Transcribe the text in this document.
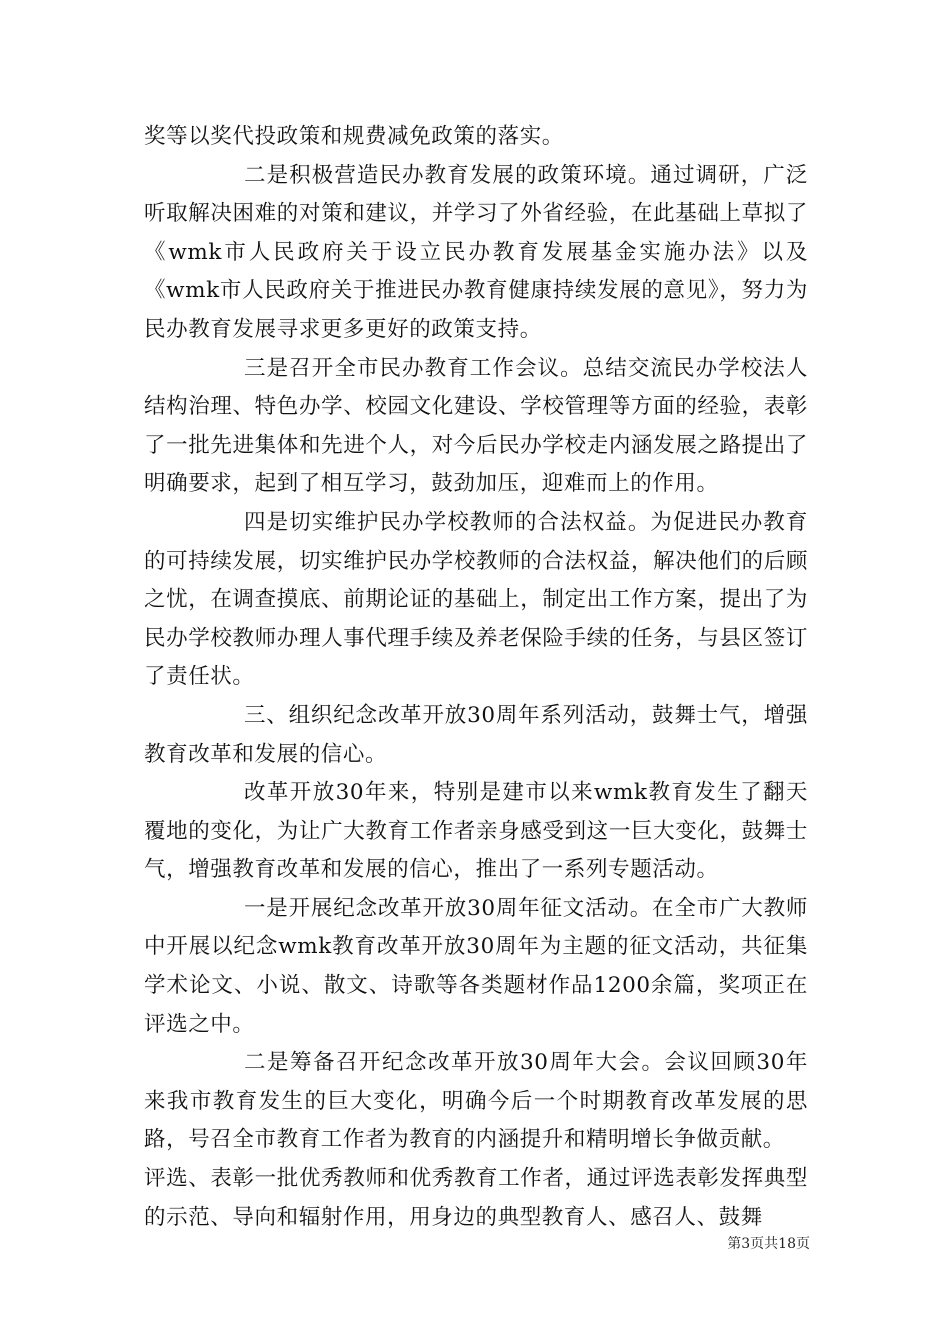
奖等以奖代投政策和规费减免政策的落实。

二是积极营造民办教育发展的政策环境。通过调研，广泛听取解决困难的对策和建议，并学习了外省经验，在此基础上草拟了《wmk市人民政府关于设立民办教育发展基金实施办法》以及《wmk市人民政府关于推进民办教育健康持续发展的意见》，努力为民办教育发展寻求更多更好的政策支持。

三是召开全市民办教育工作会议。总结交流民办学校法人结构治理、特色办学、校园文化建设、学校管理等方面的经验，表彰了一批先进集体和先进个人，对今后民办学校走内涵发展之路提出了明确要求，起到了相互学习，鼓劲加压，迎难而上的作用。

四是切实维护民办学校教师的合法权益。为促进民办教育的可持续发展，切实维护民办学校教师的合法权益，解决他们的后顾之忧，在调查摸底、前期论证的基础上，制定出工作方案，提出了为民办学校教师办理人事代理手续及养老保险手续的任务，与县区签订了责任状。

三、组织纪念改革开放30周年系列活动，鼓舞士气，增强教育改革和发展的信心。

改革开放30年来，特别是建市以来wmk教育发生了翻天覆地的变化，为让广大教育工作者亲身感受到这一巨大变化，鼓舞士气，增强教育改革和发展的信心，推出了一系列专题活动。

一是开展纪念改革开放30周年征文活动。在全市广大教师中开展以纪念wmk教育改革开放30周年为主题的征文活动，共征集学术论文、小说、散文、诗歌等各类题材作品1200余篇，奖项正在评选之中。

二是筹备召开纪念改革开放30周年大会。会议回顾30年来我市教育发生的巨大变化，明确今后一个时期教育改革发展的思路，号召全市教育工作者为教育的内涵提升和精明增长争做贡献。

评选、表彰一批优秀教师和优秀教育工作者，通过评选表彰发挥典型的示范、导向和辐射作用，用身边的典型教育人、感召人、鼓舞

第3页共18页
